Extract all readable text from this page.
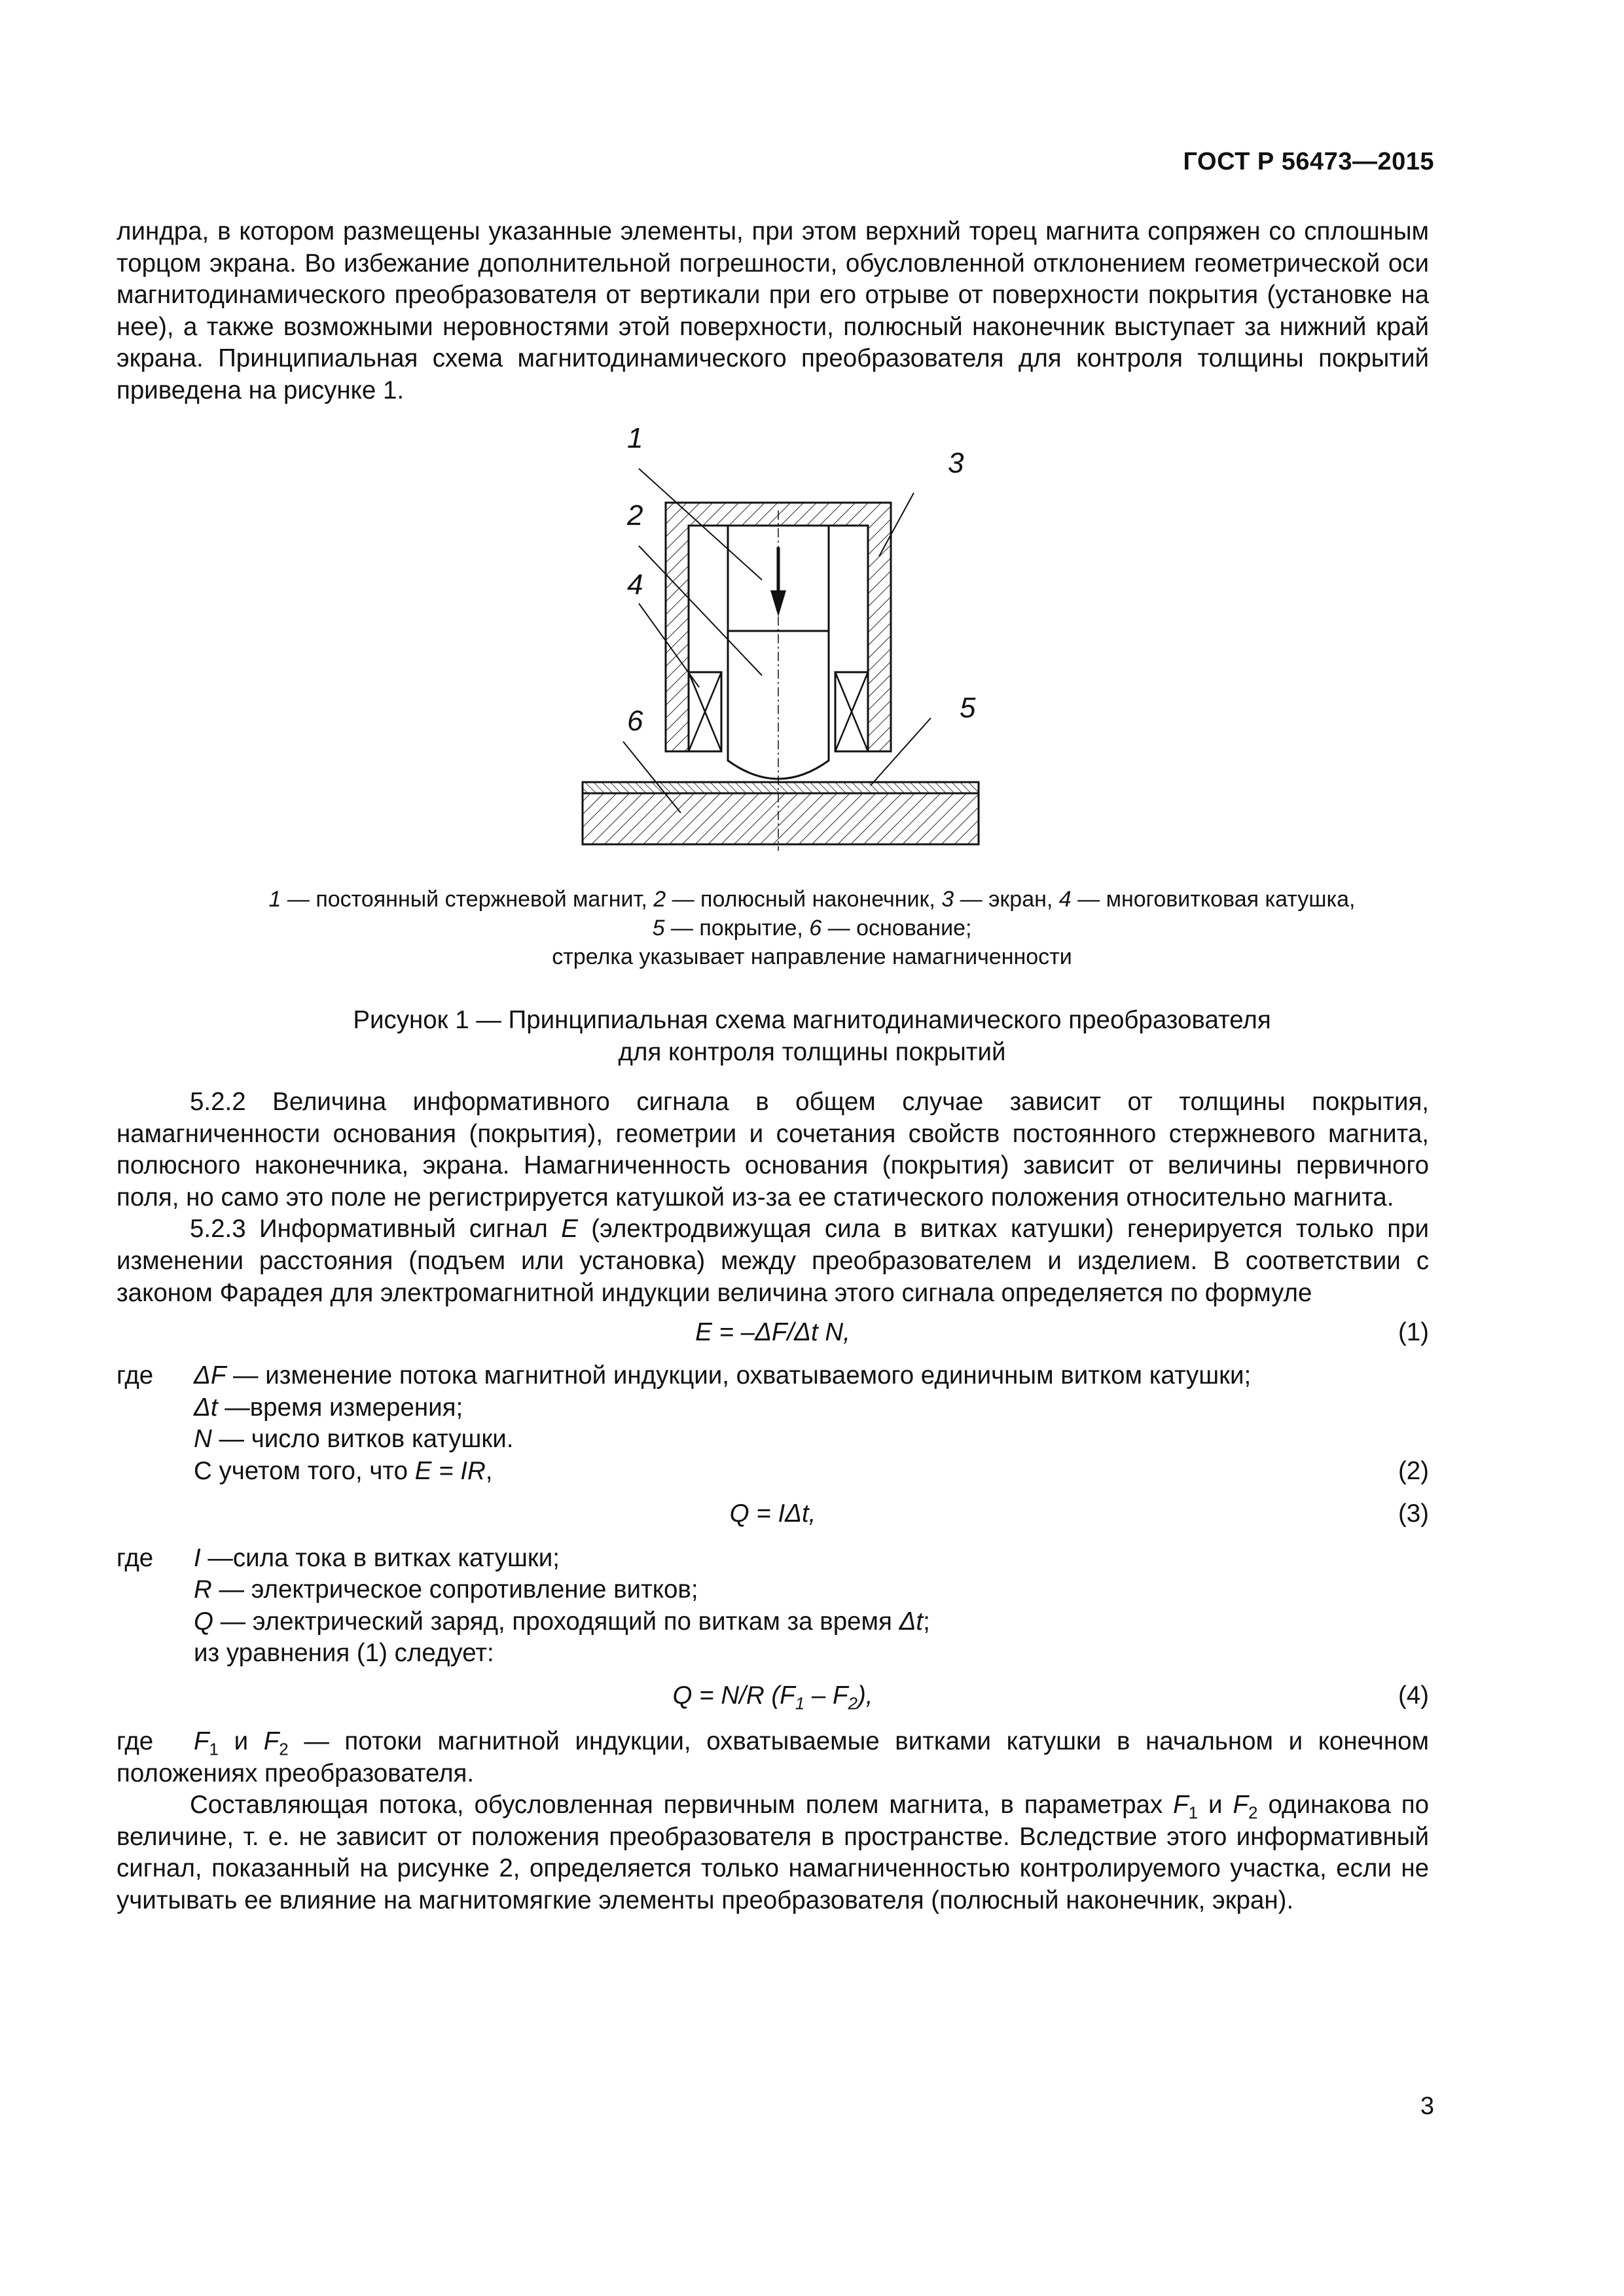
ГОСТ Р 56473—2015

линдра, в котором размещены указанные элементы, при этом верхний торец магнита сопряжен со сплошным торцом экрана. Во избежание дополнительной погрешности, обусловленной отклонением геометрической оси магнитодинамического преобразователя от вертикали при его отрыве от поверхности покрытия (установке на нее), а также возможными неровностями этой поверхности, полюсный наконечник выступает за нижний край экрана. Принципиальная схема магнитодинамического преобразователя для контроля толщины покрытий приведена на рисунке 1.

1
2
3
4
5
6
1 — постоянный стержневой магнит, 2 — полюсный наконечник, 3 — экран, 4 — многовитковая катушка,
5 — покрытие, 6 — основание;
стрелка указывает направление намагниченности
Рисунок 1 — Принципиальная схема магнитодинамического преобразователя
для контроля толщины покрытий

5.2.2 Величина информативного сигнала в общем случае зависит от толщины покрытия, намагниченности основания (покрытия), геометрии и сочетания свойств постоянного стержневого магнита, полюсного наконечника, экрана. Намагниченность основания (покрытия) зависит от величины первичного поля, но само это поле не регистрируется катушкой из-за ее статического положения относительно магнита.

5.2.3 Информативный сигнал E (электродвижущая сила в витках катушки) генерируется только при изменении расстояния (подъем или установка) между преобразователем и изделием. В соответствии с законом Фарадея для электромагнитной индукции величина этого сигнала определяется по формуле

E = –ΔF/Δt N,	(1)
где	ΔF — изменение потока магнитной индукции, охватываемого единичным витком катушки;
Δt —время измерения;
N — число витков катушки.
С учетом того, что E = IR,	(2)
Q = IΔt,	(3)
где	I —сила тока в витках катушки;
R — электрическое сопротивление витков;
Q — электрический заряд, проходящий по виткам за время Δt;
из уравнения (1) следует:
Q = N/R $(F_1 - F_2)$,	(4)

где $F_1$ и $F_2$ — потоки магнитной индукции, охватываемые витками катушки в начальном и конечном положениях преобразователя.

Составляющая потока, обусловленная первичным полем магнита, в параметрах $F_1$ и $F_2$ одинакова по величине, т. е. не зависит от положения преобразователя в пространстве. Вследствие этого информативный сигнал, показанный на рисунке 2, определяется только намагниченностью контролируемого участка, если не учитывать ее влияние на магнитомягкие элементы преобразователя (полюсный наконечник, экран).

3
